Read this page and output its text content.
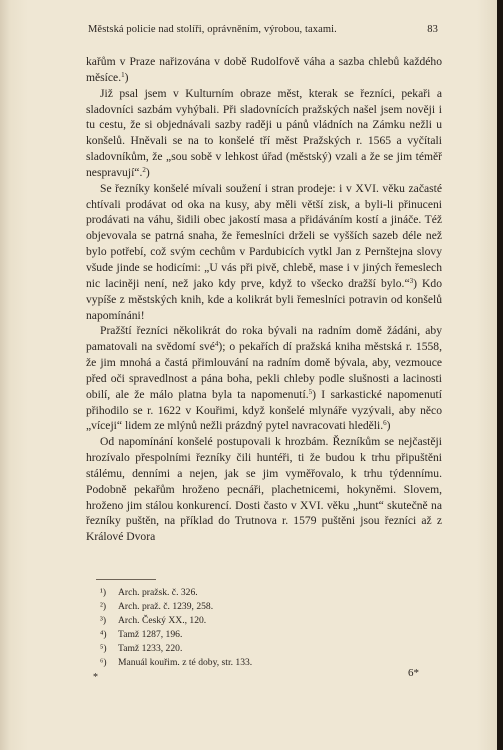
Městská policie nad stolíři, oprávněním, výrobou, taxami.	83

kařům v Praze nařizována v době Rudolfově váha a sazba chlebů každého měsíce.$^1$)

Již psal jsem v Kulturním obraze měst, kterak se řezníci, pekaři a sladovníci sazbám vyhýbali. Při sladovnících pražských našel jsem nověji i tu cestu, že si objednávali sazby raději u pánů vládních na Zámku nežli u konšelů. Hněvali se na to konšelé tří měst Pražských r. 1565 a vyčítali sladovníkům, že „sou sobě v lehkost úřad (městský) vzali a že se jim téměř nespravují“.$^2$)

Se řezníky konšelé mívali soužení i stran prodeje: i v XVI. věku začasté chtívali prodávat od oka na kusy, aby měli větší zisk, a byli-li přinuceni prodávati na váhu, šidili obec jakostí masa a přidáváním kostí a jináče. Též objevovala se patrná snaha, že řemeslníci drželi se vyšších sazeb déle než bylo potřebí, což svým cechům v Pardubicích vytkl Jan z Pernštejna slovy všude jinde se hodicími: „U vás při pivě, chlebě, mase i v jiných řemeslech nic laciněji není, než jako kdy prve, když to všecko dražší bylo.“$^3$) Kdo vypíše z městských knih, kde a kolikrát byli řemeslníci potravin od konšelů napomínáni!

Pražští řezníci několikrát do roka bývali na radním domě žádáni, aby pamatovali na svědomí své$^4$); o pekařích dí pražská kniha městská r. 1558, že jim mnohá a častá přimlouvání na radním domě bývala, aby, vezmouce před oči spravedlnost a pána boha, pekli chleby podle slušnosti a lacinosti obilí, ale že málo platna byla ta napomenutí.$^5$) I sarkastické napomenutí přihodilo se r. 1622 v Kouřimi, když konšelé mlynáře vyzývali, aby něco „víceji“ lidem ze mlýnů nežli prázdný pytel navracovati hleděli.$^6$)

Od napomínání konšelé postupovali k hrozbám. Řezníkům se nejčastěji hrozívalo přespolními řezníky čili huntéři, ti že budou k trhu připuštěni stálému, denními a nejen, jak se jim vyměřovalo, k trhu týdennímu. Podobně pekařům hroženo pecnáři, plachetnicemi, hokyněmi. Slovem, hroženo jim stálou konkurencí. Dosti často v XVI. věku „hunt“ skutečně na řezníky puštěn, na příklad do Trutnova r. 1579 puštěni jsou řezníci až z Králové Dvora

¹)	Arch. pražsk. č. 326.
²)	Arch. praž. č. 1239, 258.
³)	Arch. Český XX., 120.
⁴)	Tamž 1287, 196.
⁵)	Tamž 1233, 220.
⁶)	Manuál kouřim. z té doby, str. 133.
*	6*
